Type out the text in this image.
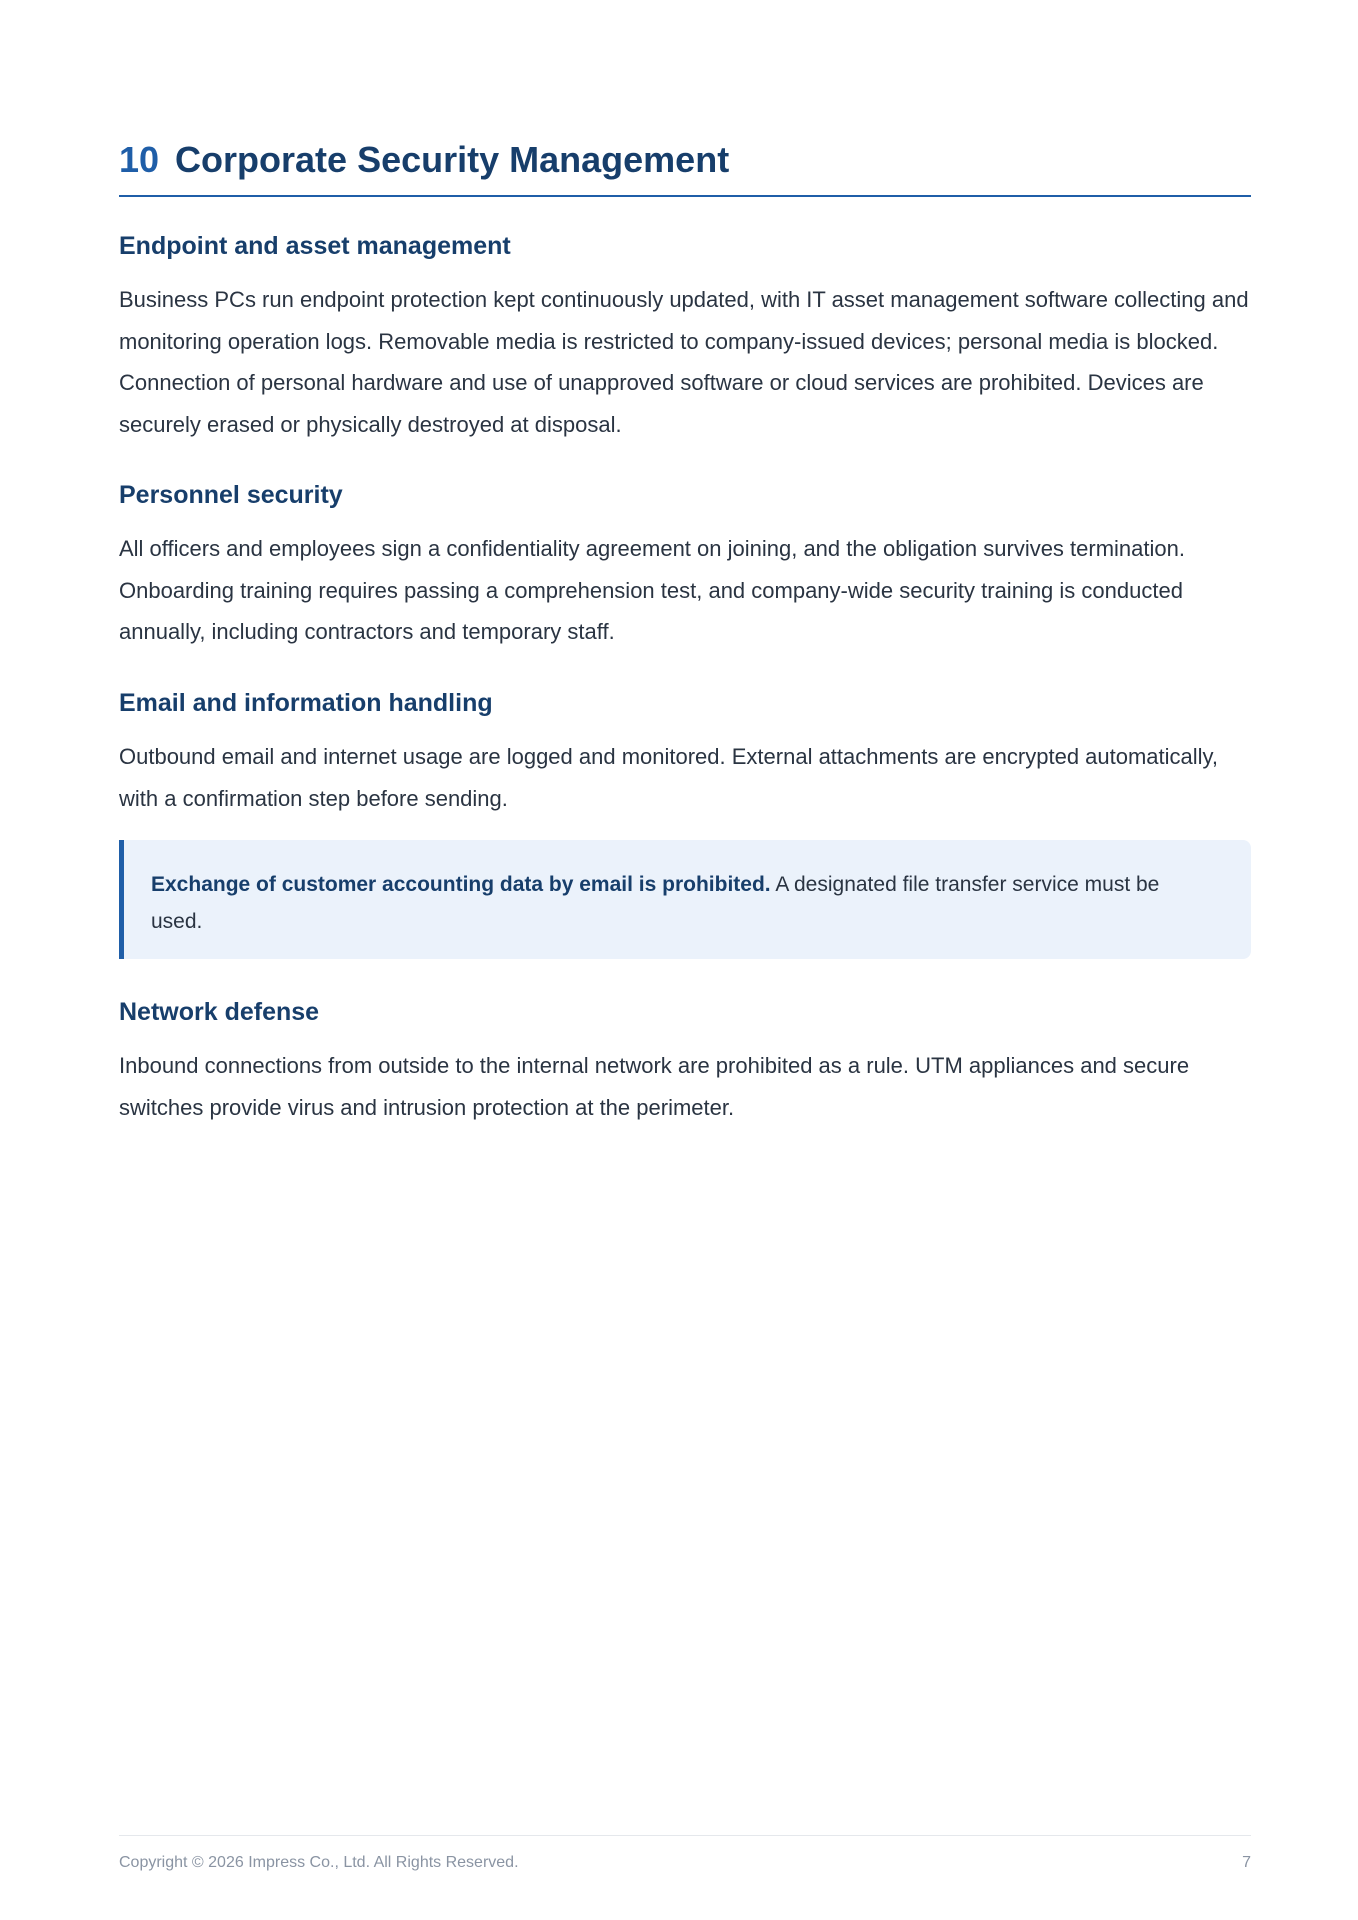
10 Corporate Security Management
Endpoint and asset management

Business PCs run endpoint protection kept continuously updated, with IT asset management software collecting and monitoring operation logs. Removable media is restricted to company-issued devices; personal media is blocked. Connection of personal hardware and use of unapproved software or cloud services are prohibited. Devices are securely erased or physically destroyed at disposal.

Personnel security

All officers and employees sign a confidentiality agreement on joining, and the obligation survives termination. Onboarding training requires passing a comprehension test, and company-wide security training is conducted annually, including contractors and temporary staff.

Email and information handling

Outbound email and internet usage are logged and monitored. External attachments are encrypted automatically, with a confirmation step before sending.

Exchange of customer accounting data by email is prohibited. A designated file transfer service must be used.
Network defense

Inbound connections from outside to the internal network are prohibited as a rule. UTM appliances and secure switches provide virus and intrusion protection at the perimeter.

Copyright © 2026 Impress Co., Ltd. All Rights Reserved.	7
